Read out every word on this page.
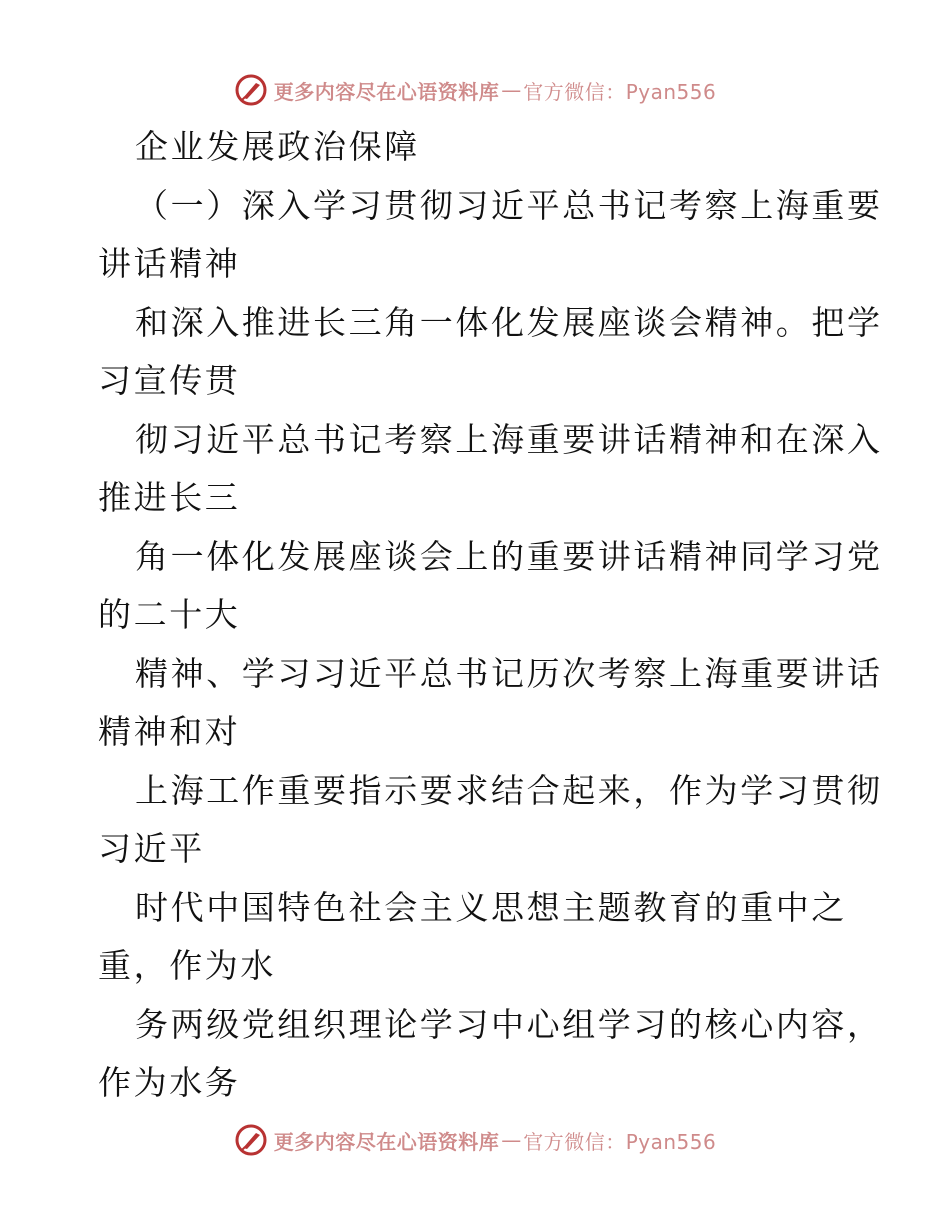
更多内容尽在心语资料库 — 官方微信：Pyan556
企业发展政治保障
（一）深入学习贯彻习近平总书记考察上海重要
讲话精神
和深入推进长三角一体化发展座谈会精神。把学
习宣传贯
彻习近平总书记考察上海重要讲话精神和在深入
推进长三
角一体化发展座谈会上的重要讲话精神同学习党
的二十大
精神、学习习近平总书记历次考察上海重要讲话
精神和对
上海工作重要指示要求结合起来，作为学习贯彻
习近平
时代中国特色社会主义思想主题教育的重中之
重，作为水
务两级党组织理论学习中心组学习的核心内容，
作为水务
更多内容尽在心语资料库 — 官方微信：Pyan556
